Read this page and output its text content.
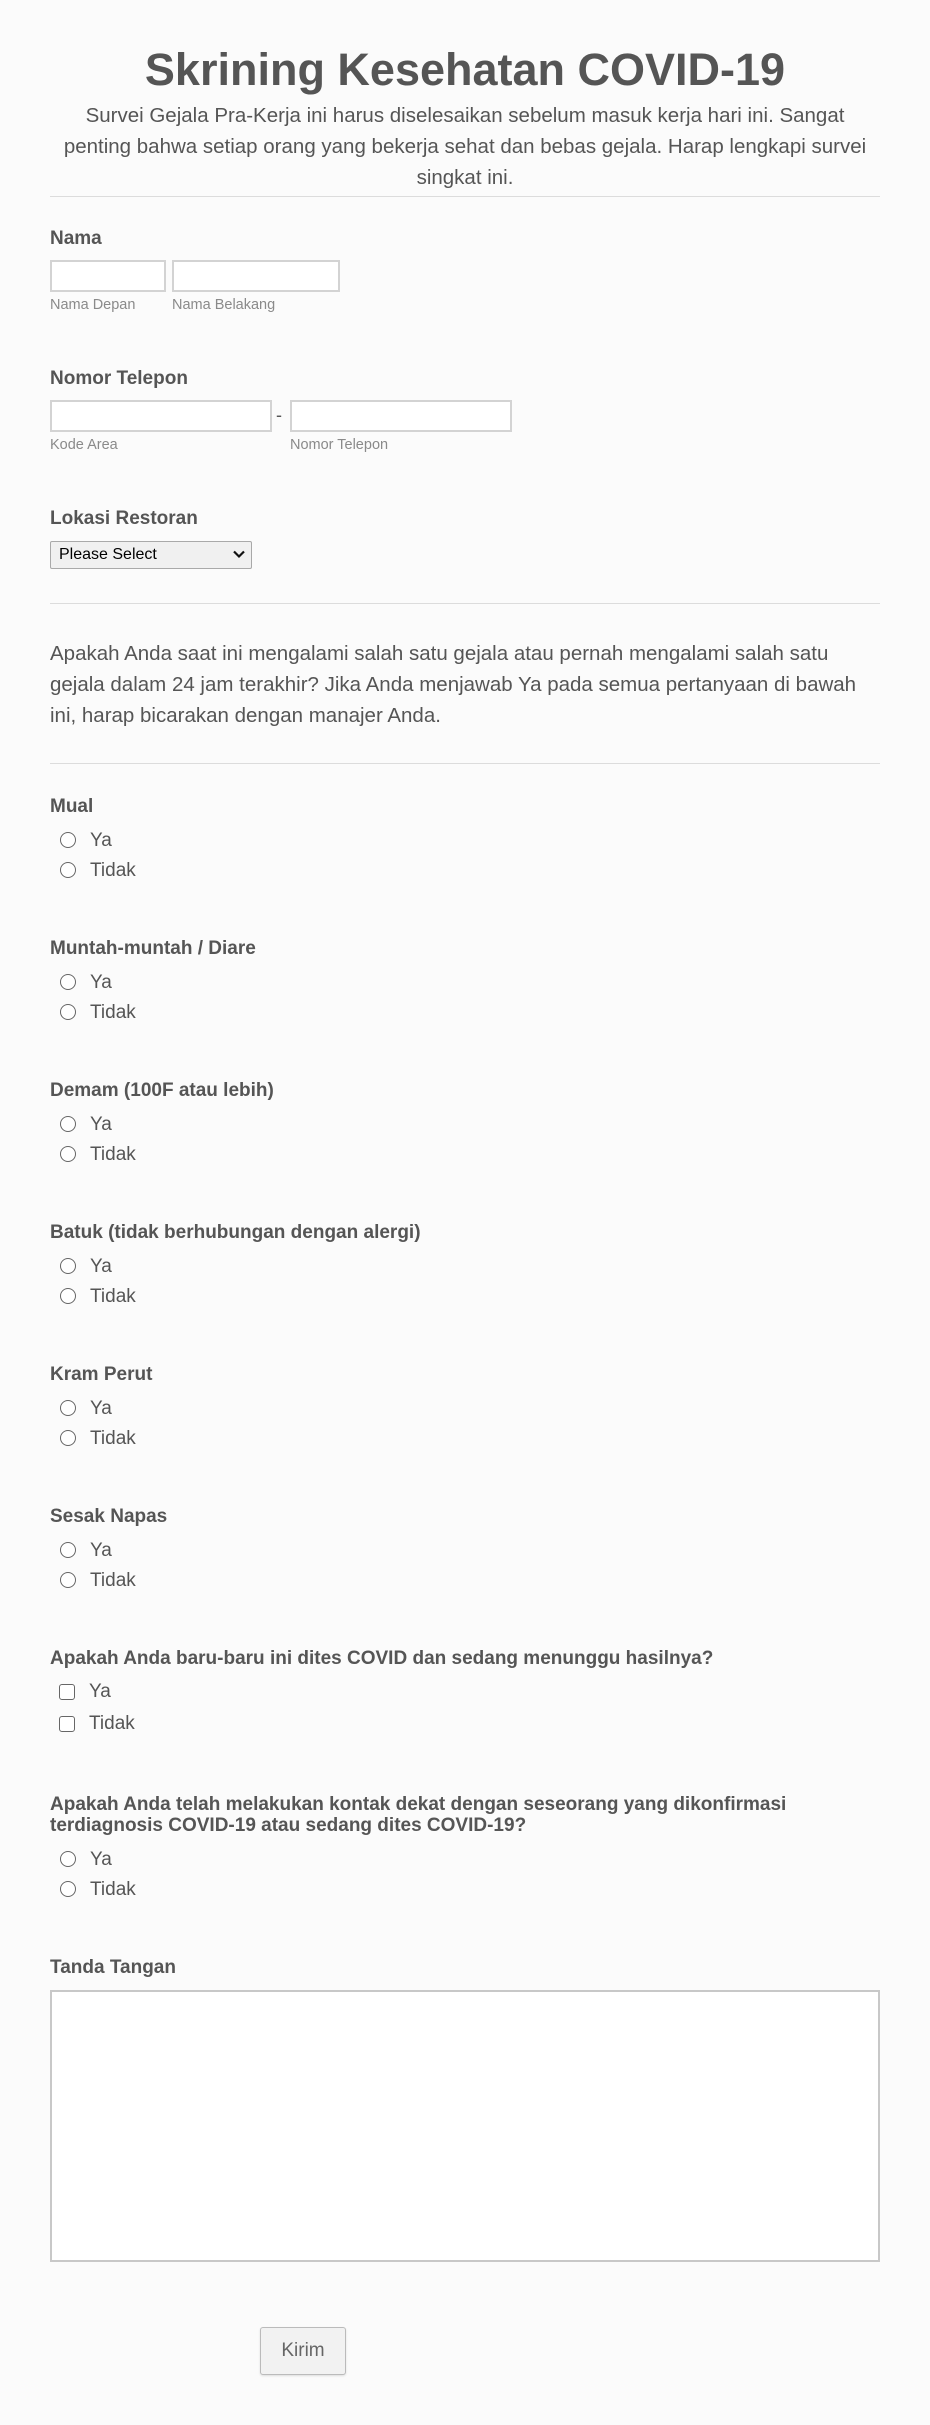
Skrining Kesehatan COVID-19

Survei Gejala Pra-Kerja ini harus diselesaikan sebelum masuk kerja hari ini. Sangat penting bahwa setiap orang yang bekerja sehat dan bebas gejala. Harap lengkapi survei singkat ini.

Nama
Nama Depan	Nama Belakang
Nomor Telepon
-
Kode Area	Nomor Telepon
Lokasi Restoran
Please Select

Apakah Anda saat ini mengalami salah satu gejala atau pernah mengalami salah satu gejala dalam 24 jam terakhir? Jika Anda menjawab Ya pada semua pertanyaan di bawah ini, harap bicarakan dengan manajer Anda.

Mual
Ya
Tidak
Muntah-muntah / Diare
Ya
Tidak
Demam (100F atau lebih)
Ya
Tidak
Batuk (tidak berhubungan dengan alergi)
Ya
Tidak
Kram Perut
Ya
Tidak
Sesak Napas
Ya
Tidak
Apakah Anda baru-baru ini dites COVID dan sedang menunggu hasilnya?
Ya
Tidak
Apakah Anda telah melakukan kontak dekat dengan seseorang yang dikonfirmasi terdiagnosis COVID-19 atau sedang dites COVID-19?
Ya
Tidak
Tanda Tangan
Kirim
